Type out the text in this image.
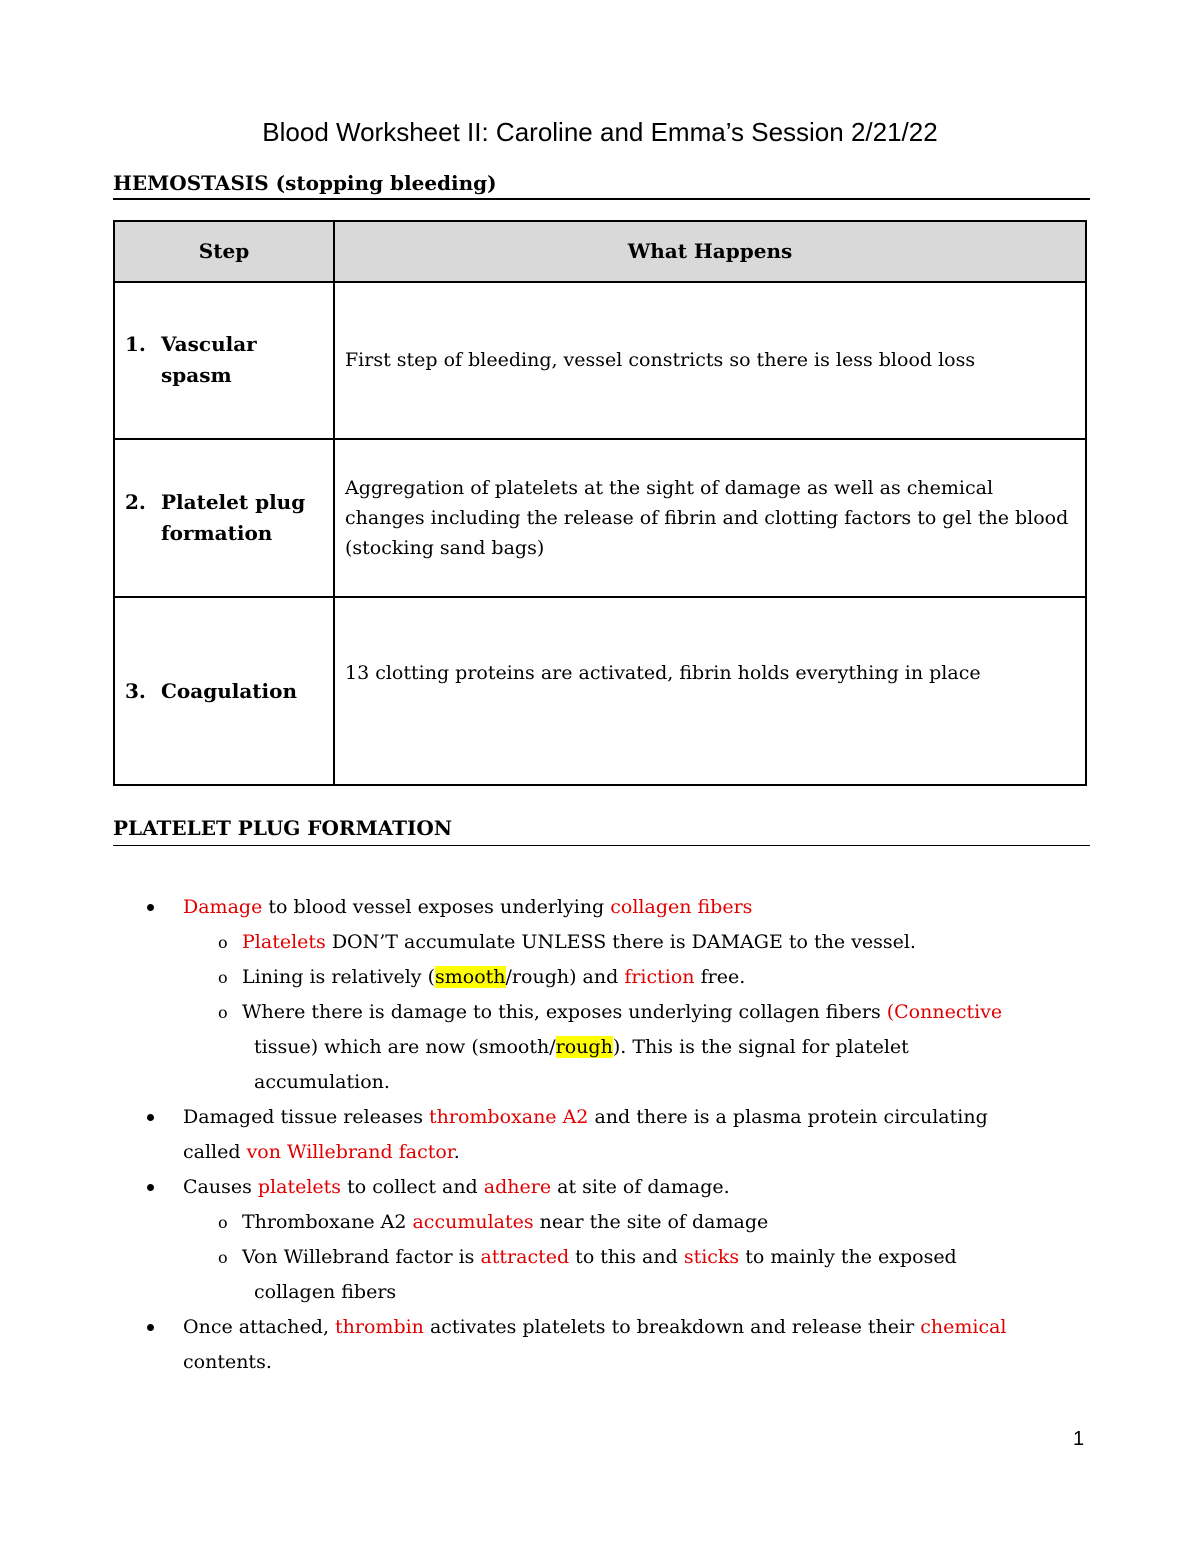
Blood Worksheet II: Caroline and Emma’s Session 2/21/22
HEMOSTASIS (stopping bleeding)
Step	What Happens

1. Vascular
spasm	First step of bleeding, vessel constricts so there is less blood loss

2. Platelet plug
formation	Aggregation of platelets at the sight of damage as well as chemical changes including the release of fibrin and clotting factors to gel the blood (stocking sand bags)

3. Coagulation	13 clotting proteins are activated, fibrin holds everything in place
PLATELET PLUG FORMATION
Damage to blood vessel exposes underlying collagen fibers
o Platelets DON’T accumulate UNLESS there is DAMAGE to the vessel.
o Lining is relatively (smooth/rough) and friction free.
o Where there is damage to this, exposes underlying collagen fibers (Connective
tissue) which are now (smooth/rough). This is the signal for platelet
accumulation.
Damaged tissue releases thromboxane A2 and there is a plasma protein circulating
called von Willebrand factor.
Causes platelets to collect and adhere at site of damage.
o Thromboxane A2 accumulates near the site of damage
o Von Willebrand factor is attracted to this and sticks to mainly the exposed
collagen fibers
Once attached, thrombin activates platelets to breakdown and release their chemical
contents.
1
